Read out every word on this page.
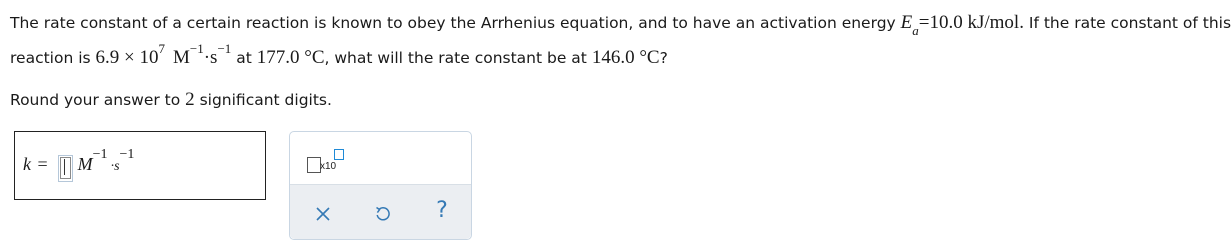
The rate constant of a certain reaction is known to obey the Arrhenius equation, and to have an activation energy $E_a=10.0$ kJ/mol. If the rate constant of this
reaction is $6.9 \times 10^7$ $M^{-1}\cdot s^{-1}$ at 177.0 °C, what will the rate constant be at 146.0 °C?
Round your answer to 2 significant digits.
$k = M^{-1}\cdot s^{-1}$
x10
?
